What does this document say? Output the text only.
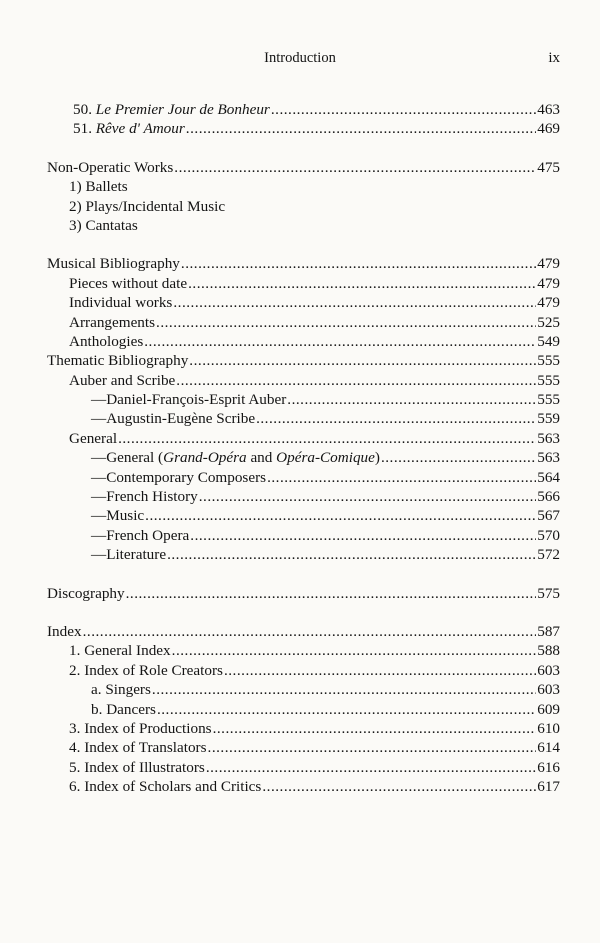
Introduction	ix
50. Le Premier Jour de Bonheur .....	463
51. Rêve d' Amour .....	469
Non-Operatic Works .....	475
1) Ballets
2) Plays/Incidental Music
3) Cantatas
Musical Bibliography .....	479
Pieces without date .....	479
Individual works .....	479
Arrangements .....	525
Anthologies .....	549
Thematic Bibliography .....	555
Auber and Scribe .....	555
—Daniel-François-Esprit Auber .....	555
—Augustin-Eugène Scribe .....	559
General .....	563
—General (Grand-Opéra and Opéra-Comique) .....	563
—Contemporary Composers .....	564
—French History .....	566
—Music .....	567
—French Opera .....	570
—Literature .....	572
Discography .....	575
Index .....	587
1. General Index .....	588
2. Index of Role Creators .....	603
a. Singers .....	603
b. Dancers .....	609
3. Index of Productions .....	610
4. Index of Translators .....	614
5. Index of Illustrators .....	616
6. Index of Scholars and Critics .....	617
